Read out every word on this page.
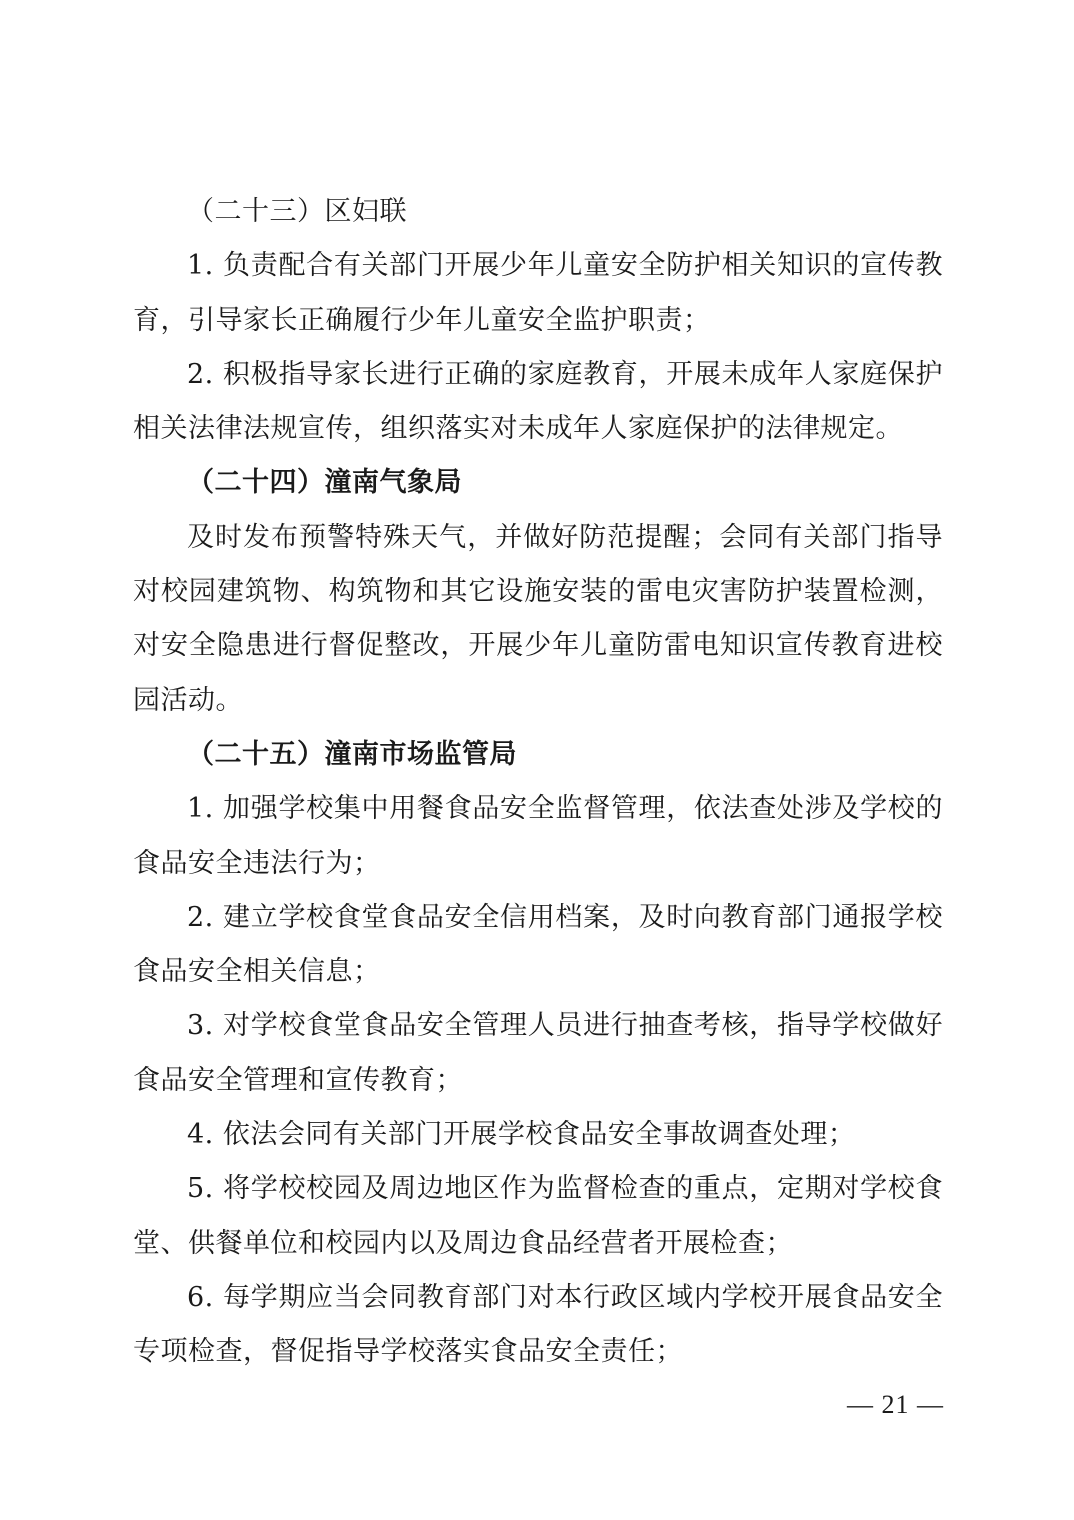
（二十三）区妇联

1. 负责配合有关部门开展少年儿童安全防护相关知识的宣传教育，引导家长正确履行少年儿童安全监护职责；

2. 积极指导家长进行正确的家庭教育，开展未成年人家庭保护相关法律法规宣传，组织落实对未成年人家庭保护的法律规定。

（二十四）潼南气象局

及时发布预警特殊天气，并做好防范提醒；会同有关部门指导对校园建筑物、构筑物和其它设施安装的雷电灾害防护装置检测，对安全隐患进行督促整改，开展少年儿童防雷电知识宣传教育进校园活动。

（二十五）潼南市场监管局

1. 加强学校集中用餐食品安全监督管理，依法查处涉及学校的食品安全违法行为；

2. 建立学校食堂食品安全信用档案，及时向教育部门通报学校食品安全相关信息；

3. 对学校食堂食品安全管理人员进行抽查考核，指导学校做好食品安全管理和宣传教育；

4. 依法会同有关部门开展学校食品安全事故调查处理；

5. 将学校校园及周边地区作为监督检查的重点，定期对学校食堂、供餐单位和校园内以及周边食品经营者开展检查；

6. 每学期应当会同教育部门对本行政区域内学校开展食品安全专项检查，督促指导学校落实食品安全责任；

— 21 —
